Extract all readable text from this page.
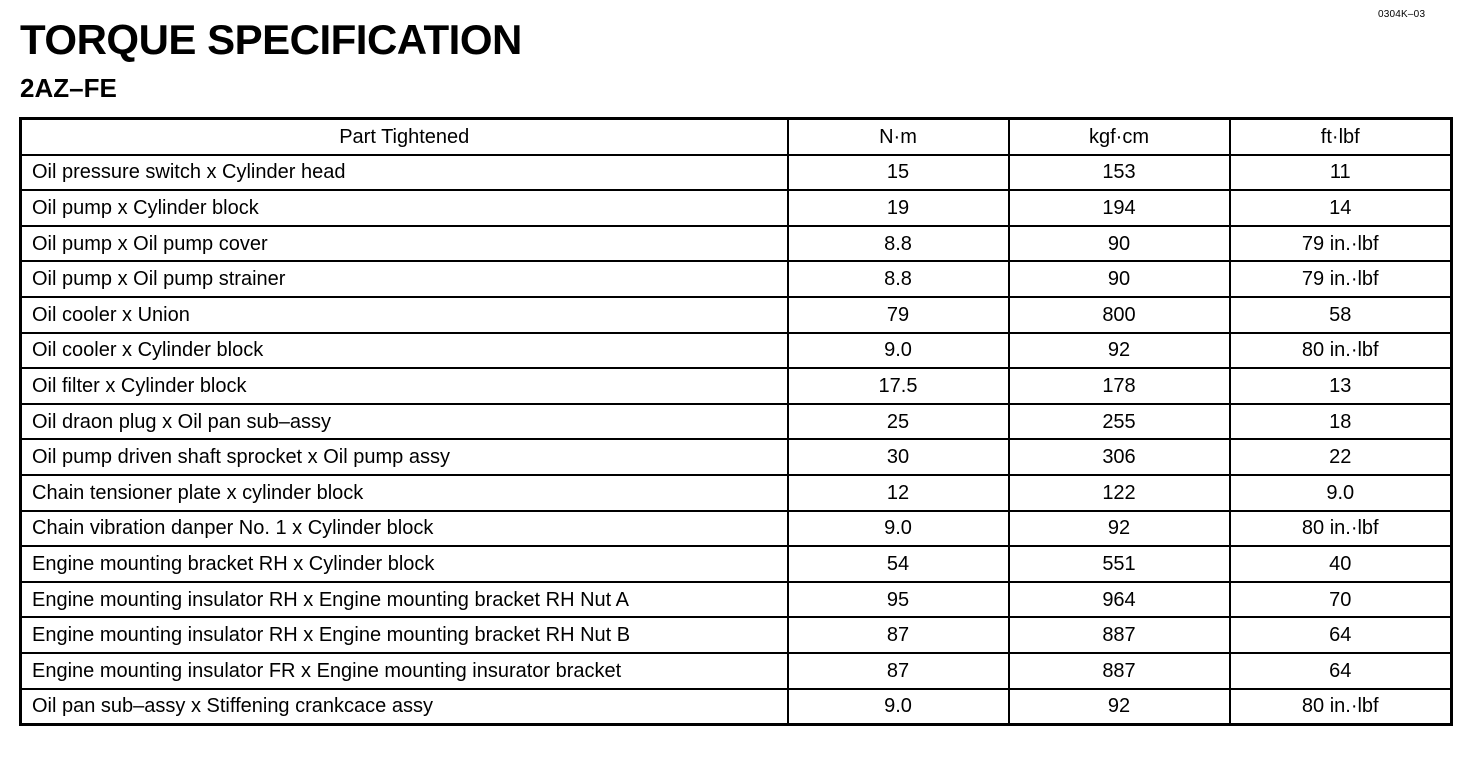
0304K–03
TORQUE SPECIFICATION
2AZ–FE
Part Tightened	N·m	kgf·cm	ft·lbf
Oil pressure switch x Cylinder head	15	153	11
Oil pump x Cylinder block	19	194	14
Oil pump x Oil pump cover	8.8	90	79 in.·lbf
Oil pump x Oil pump strainer	8.8	90	79 in.·lbf
Oil cooler x Union	79	800	58
Oil cooler x Cylinder block	9.0	92	80 in.·lbf
Oil filter x Cylinder block	17.5	178	13
Oil draon plug x Oil pan sub–assy	25	255	18
Oil pump driven shaft sprocket x Oil pump assy	30	306	22
Chain tensioner plate x cylinder block	12	122	9.0
Chain vibration danper No. 1 x Cylinder block	9.0	92	80 in.·lbf
Engine mounting bracket RH x Cylinder block	54	551	40
Engine mounting insulator RH x Engine mounting bracket RH Nut A	95	964	70
Engine mounting insulator RH x Engine mounting bracket RH Nut B	87	887	64
Engine mounting insulator FR x Engine mounting insurator bracket	87	887	64
Oil pan sub–assy x Stiffening crankcace assy	9.0	92	80 in.·lbf
